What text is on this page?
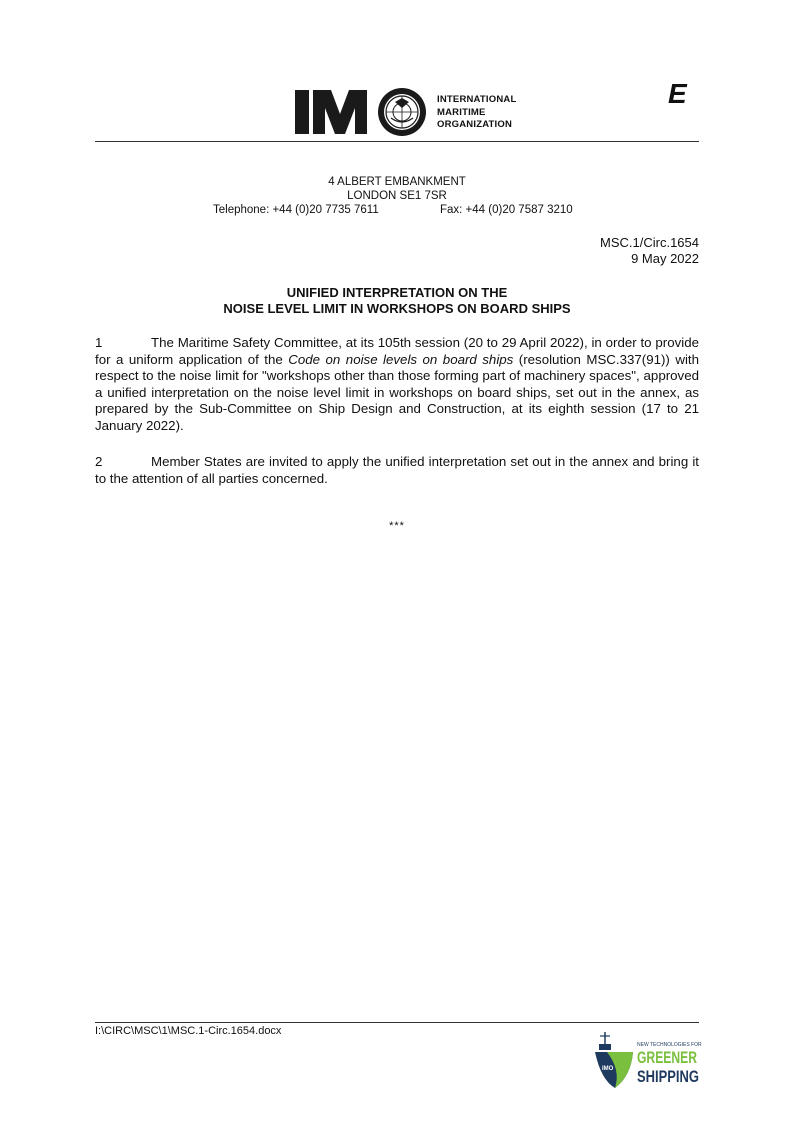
INTERNATIONAL
MARITIME
ORGANIZATION
E
4 ALBERT EMBANKMENT
LONDON SE1 7SR
Telephone: +44 (0)20 7735 7611	Fax: +44 (0)20 7587 3210
MSC.1/Circ.1654
9 May 2022
UNIFIED INTERPRETATION ON THE
NOISE LEVEL LIMIT IN WORKSHOPS ON BOARD SHIPS
1	The Maritime Safety Committee, at its 105th session (20 to 29 April 2022), in order to provide for a uniform application of the Code on noise levels on board ships (resolution MSC.337(91)) with respect to the noise limit for "workshops other than those forming part of machinery spaces", approved a unified interpretation on the noise level limit in workshops on board ships, set out in the annex, as prepared by the Sub-Committee on Ship Design and Construction, at its eighth session (17 to 21 January 2022).
2	Member States are invited to apply the unified interpretation set out in the annex and bring it to the attention of all parties concerned.
***
I:\CIRC\MSC\1\MSC.1-Circ.1654.docx
IMO
NEW TECHNOLOGIES FOR
GREENER
SHIPPING
